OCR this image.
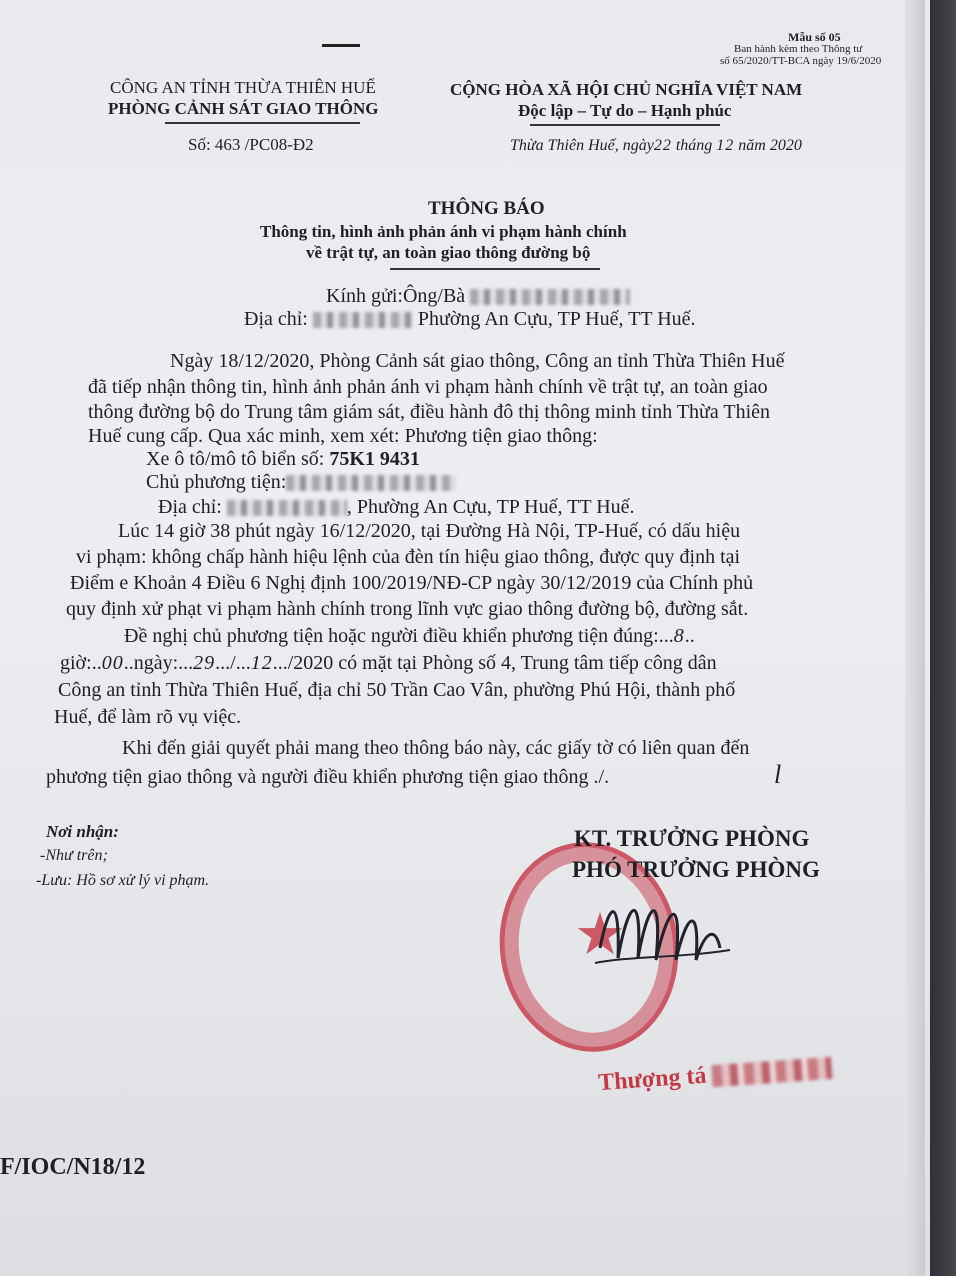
Mẫu số 05
Ban hành kèm theo Thông tư
số 65/2020/TT-BCA ngày 19/6/2020
CÔNG AN TỈNH THỪA THIÊN HUẾ
PHÒNG CẢNH SÁT GIAO THÔNG
Số: 463 /PC08-Đ2
CỘNG HÒA XÃ HỘI CHỦ NGHĨA VIỆT NAM
Độc lập – Tự do – Hạnh phúc
Thừa Thiên Huế, ngày22 tháng 12 năm 2020
THÔNG BÁO
Thông tin, hình ảnh phản ánh vi phạm hành chính
về trật tự, an toàn giao thông đường bộ
Kính gửi:Ông/Bà
Địa chỉ:	Phường An Cựu, TP Huế, TT Huế.
Ngày 18/12/2020, Phòng Cảnh sát giao thông, Công an tỉnh Thừa Thiên Huế
đã tiếp nhận thông tin, hình ảnh phản ánh vi phạm hành chính về trật tự, an toàn giao
thông đường bộ do Trung tâm giám sát, điều hành đô thị thông minh tỉnh Thừa Thiên
Huế cung cấp. Qua xác minh, xem xét: Phương tiện giao thông:
Xe ô tô/mô tô biển số: 75K1 9431
Chủ phương tiện:
Địa chỉ:	, Phường An Cựu, TP Huế, TT Huế.
Lúc 14 giờ 38 phút ngày 16/12/2020, tại Đường Hà Nội, TP-Huế, có dấu hiệu
vi phạm: không chấp hành hiệu lệnh của đèn tín hiệu giao thông, được quy định tại
Điểm e Khoản 4 Điều 6 Nghị định 100/2019/NĐ-CP ngày 30/12/2019 của Chính phủ
quy định xử phạt vi phạm hành chính trong lĩnh vực giao thông đường bộ, đường sắt.
Đề nghị chủ phương tiện hoặc người điều khiển phương tiện đúng:...8..
giờ:..00..ngày:...29.../...12.../2020 có mặt tại Phòng số 4, Trung tâm tiếp công dân
Công an tỉnh Thừa Thiên Huế, địa chỉ 50 Trần Cao Vân, phường Phú Hội, thành phố
Huế, để làm rõ vụ việc.
Khi đến giải quyết phải mang theo thông báo này, các giấy tờ có liên quan đến
phương tiện giao thông và người điều khiển phương tiện giao thông ./.	Ɩ
Nơi nhận:
-Như trên;
-Lưu: Hồ sơ xử lý vi phạm.
★
KT. TRƯỞNG PHÒNG
PHÓ TRƯỞNG PHÒNG
Thượng tá
F/IOC/N18/12
